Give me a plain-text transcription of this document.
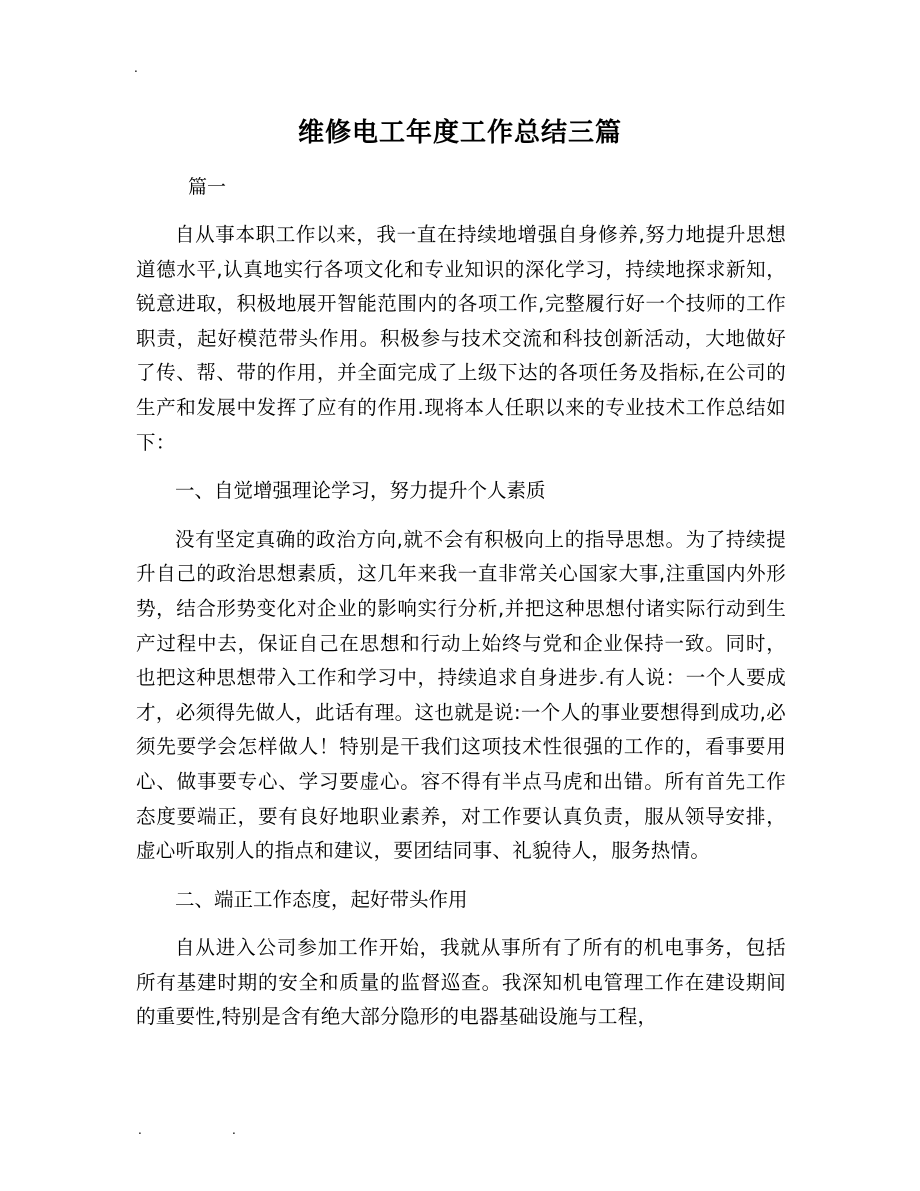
.
维修电工年度工作总结三篇
篇一

自从事本职工作以来，我一直在持续地增强自身修养,努力地提升思想道德水平,认真地实行各项文化和专业知识的深化学习，持续地探求新知，锐意进取，积极地展开智能范围内的各项工作,完整履行好一个技师的工作职责，起好模范带头作用。积极参与技术交流和科技创新活动，大地做好了传、帮、带的作用，并全面完成了上级下达的各项任务及指标,在公司的生产和发展中发挥了应有的作用.现将本人任职以来的专业技术工作总结如下：

一、自觉增强理论学习，努力提升个人素质

没有坚定真确的政治方向,就不会有积极向上的指导思想。为了持续提升自己的政治思想素质，这几年来我一直非常关心国家大事,注重国内外形势，结合形势变化对企业的影响实行分析,并把这种思想付诸实际行动到生产过程中去，保证自己在思想和行动上始终与党和企业保持一致。同时，也把这种思想带入工作和学习中，持续追求自身进步.有人说：一个人要成才，必须得先做人，此话有理。这也就是说:一个人的事业要想得到成功,必须先要学会怎样做人！特别是干我们这项技术性很强的工作的，看事要用心、做事要专心、学习要虚心。容不得有半点马虎和出错。所有首先工作态度要端正，要有良好地职业素养，对工作要认真负责，服从领导安排，虚心听取别人的指点和建议，要团结同事、礼貌待人，服务热情。

二、端正工作态度，起好带头作用

自从进入公司参加工作开始，我就从事所有了所有的机电事务，包括所有基建时期的安全和质量的监督巡查。我深知机电管理工作在建设期间的重要性,特别是含有绝大部分隐形的电器基础设施与工程，

.	.
